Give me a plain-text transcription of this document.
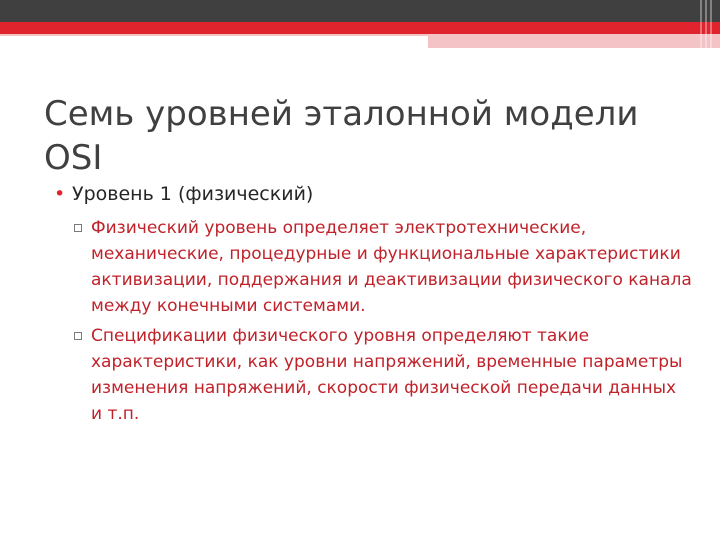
Семь уровней эталонной модели OSI
• Уровень 1 (физический)
Физический уровень определяет электротехнические, механические, процедурные и функциональные характеристики активизации, поддержания и деактивизации физического канала между конечными системами.
Спецификации физического уровня определяют такие характеристики, как уровни напряжений, временные параметры изменения напряжений, скорости физической передачи данных и т.п.
